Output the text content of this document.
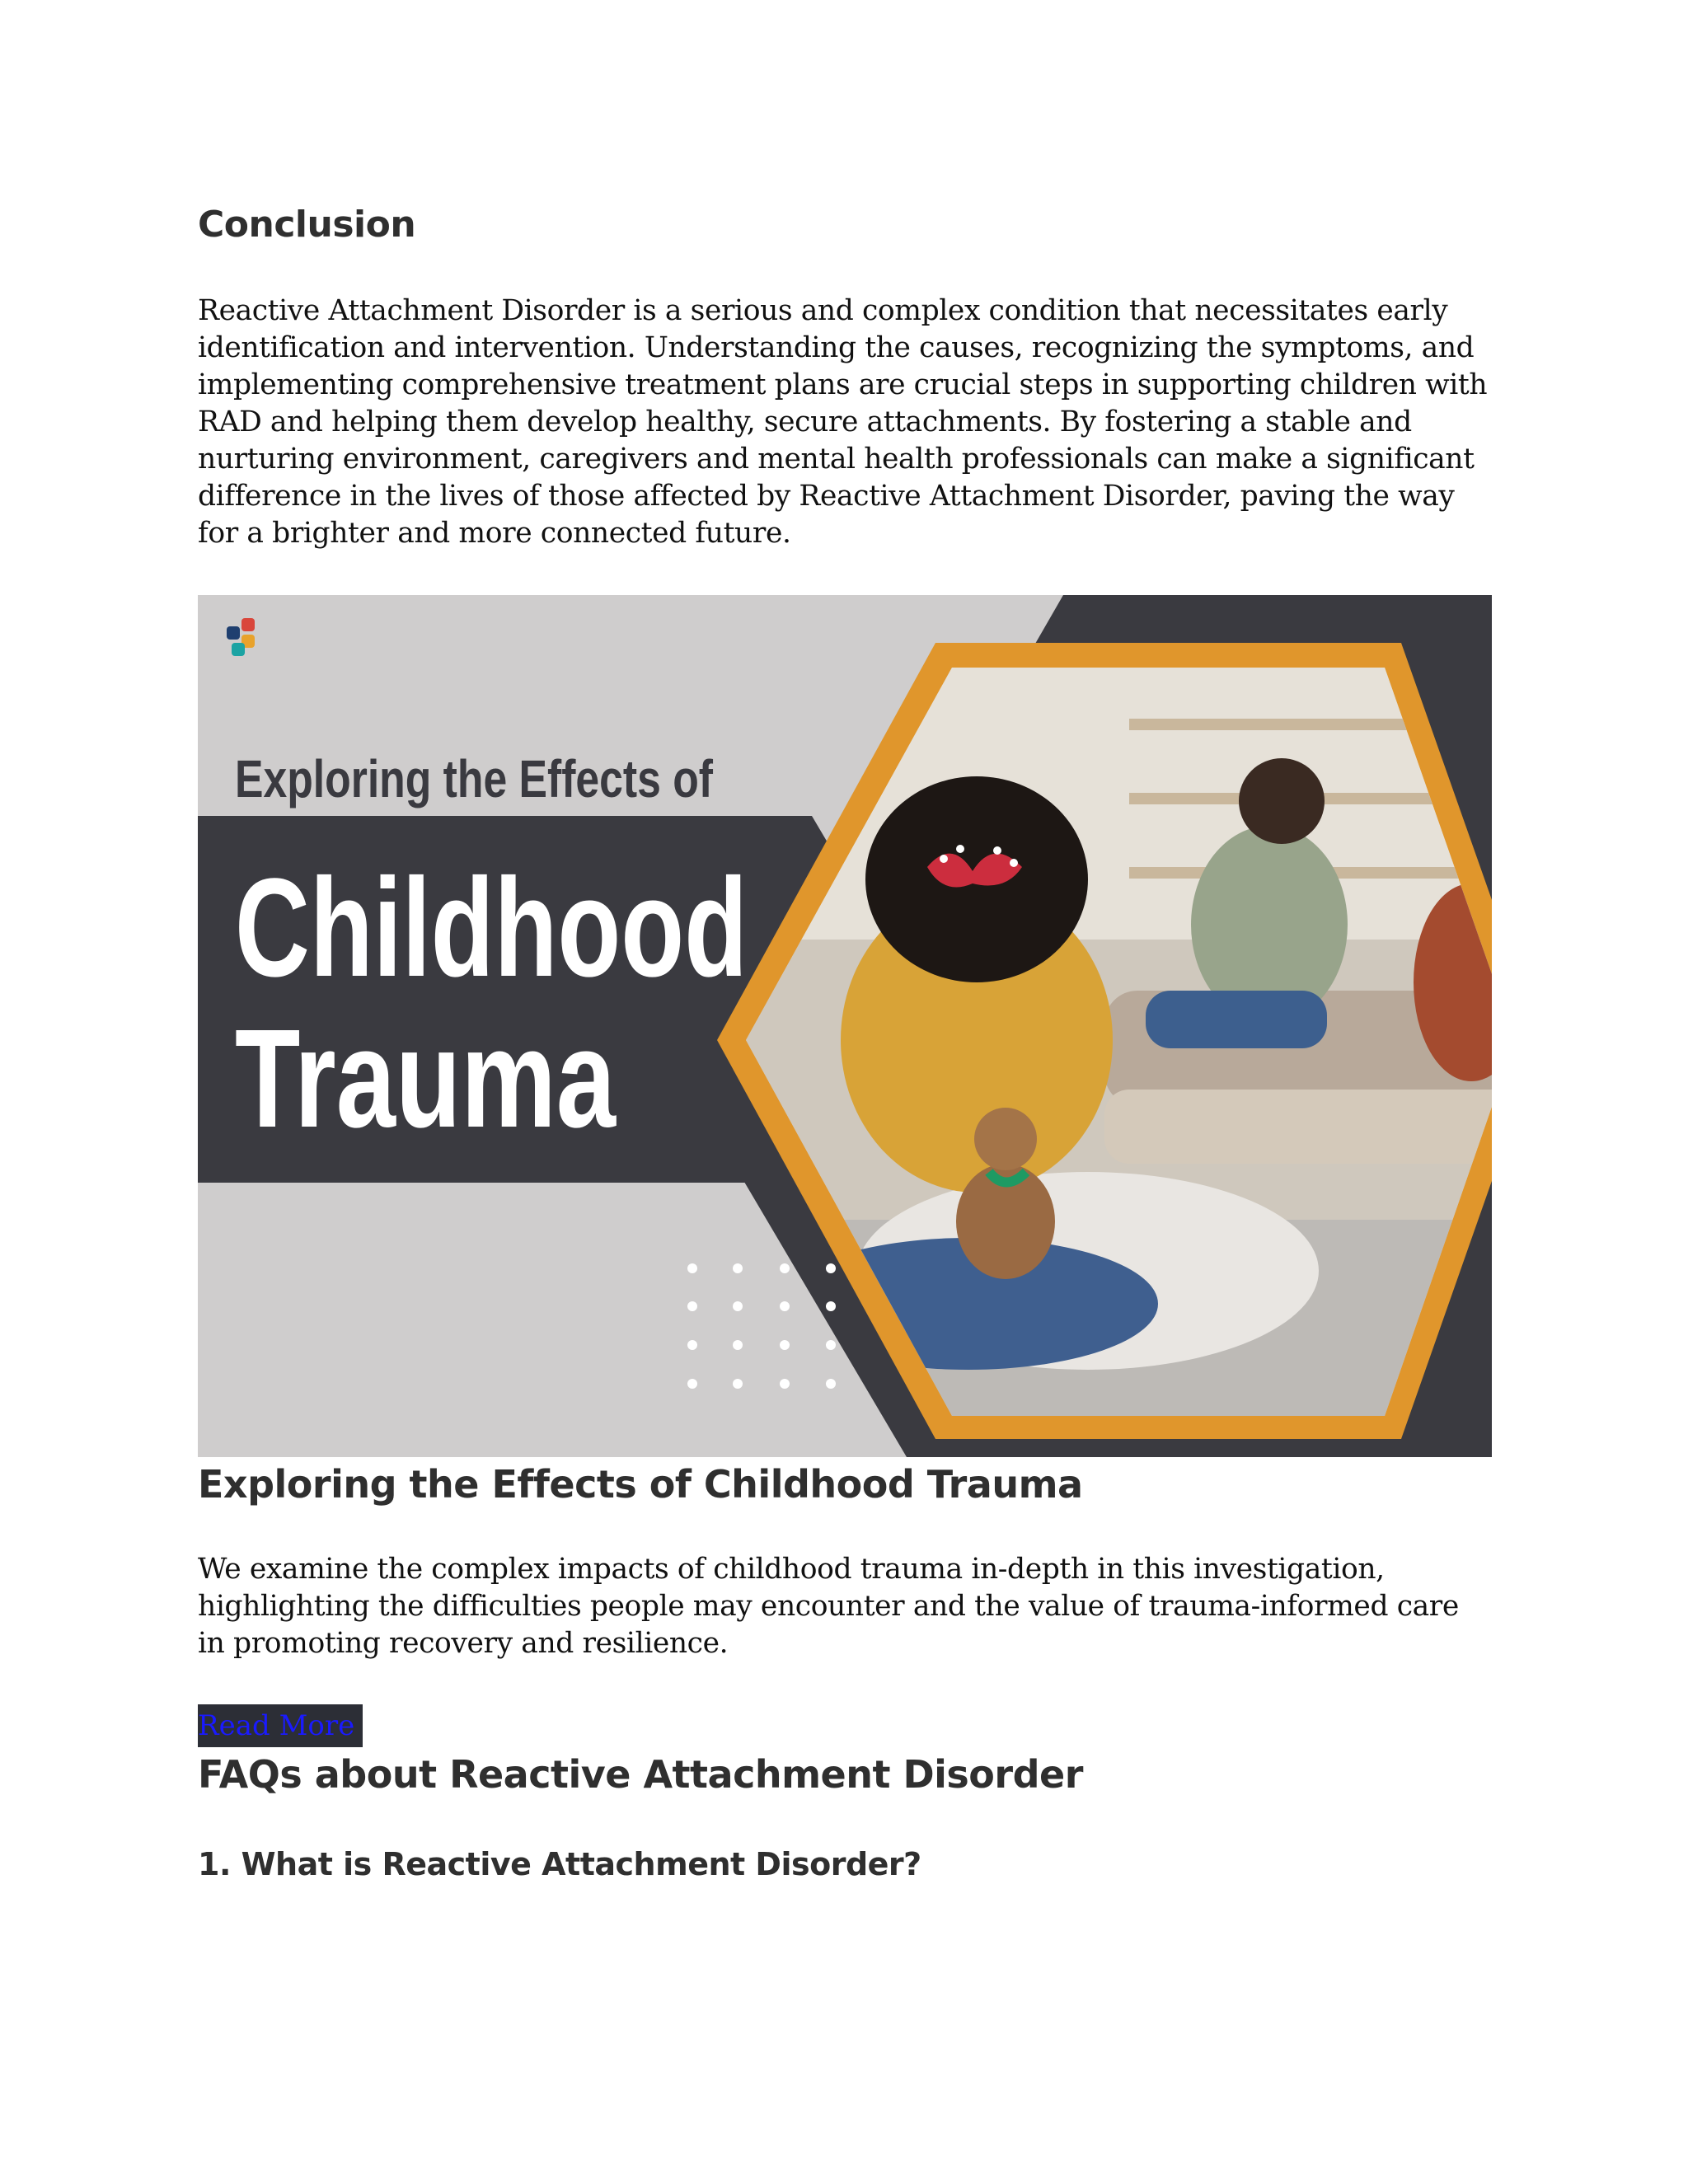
Conclusion

Reactive Attachment Disorder is a serious and complex condition that necessitates early identification and intervention. Understanding the causes, recognizing the symptoms, and implementing comprehensive treatment plans are crucial steps in supporting children with RAD and helping them develop healthy, secure attachments. By fostering a stable and nurturing environment, caregivers and mental health professionals can make a significant difference in the lives of those affected by Reactive Attachment Disorder, paving the way for a brighter and more connected future.

Exploring the Effects of
Childhood
Trauma
Exploring the Effects of Childhood Trauma

We examine the complex impacts of childhood trauma in-depth in this investigation, highlighting the difficulties people may encounter and the value of trauma-informed care in promoting recovery and resilience.

Read More
FAQs about Reactive Attachment Disorder
1. What is Reactive Attachment Disorder?
